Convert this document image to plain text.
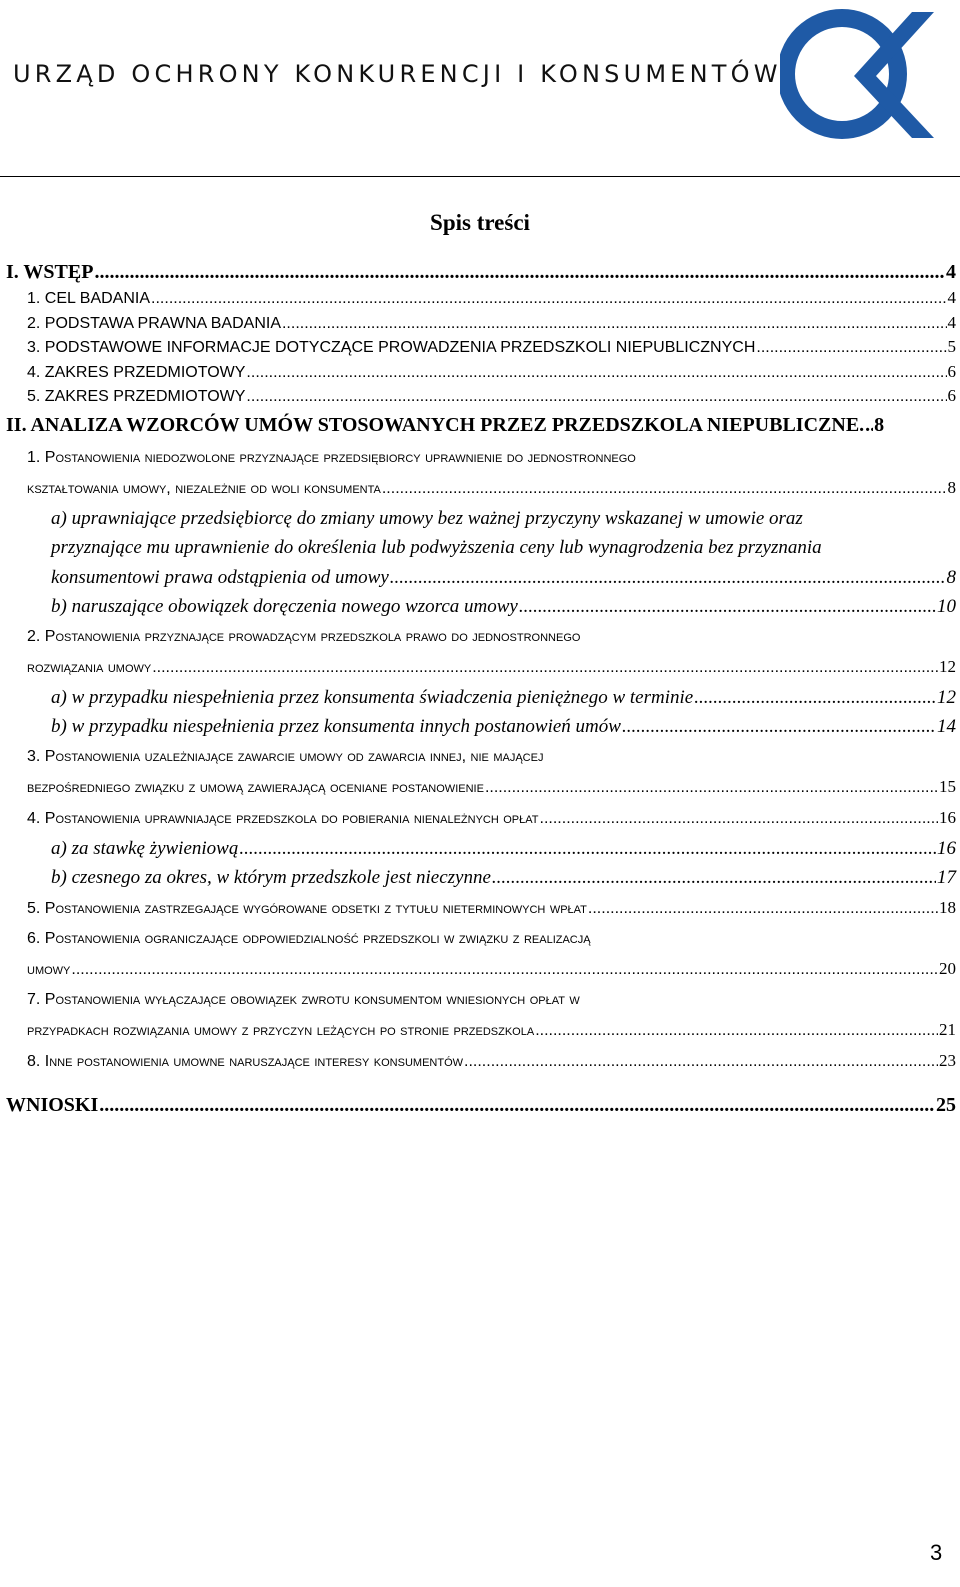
URZĄD OCHRONY KONKURENCJI I KONSUMENTÓW
Spis treści
I. WSTĘP .....	4
1. CEL BADANIA .....	4
2. PODSTAWA PRAWNA BADANIA .....	4
3. PODSTAWOWE INFORMACJE DOTYCZĄCE PROWADZENIA PRZEDSZKOLI NIEPUBLICZNYCH .....	5
4. ZAKRES PRZEDMIOTOWY .....	6
5. ZAKRES PRZEDMIOTOWY .....	6
II. ANALIZA WZORCÓW UMÓW STOSOWANYCH PRZEZ PRZEDSZKOLA NIEPUBLICZNE. ..... 8
1. Postanowienia niedozwolone przyznające przedsiębiorcy uprawnienie do jednostronnego
kształtowania umowy, niezależnie od woli konsumenta .....	8
a) uprawniające przedsiębiorcę do zmiany umowy bez ważnej przyczyny wskazanej w umowie oraz
przyznające mu uprawnienie do określenia lub podwyższenia ceny lub wynagrodzenia bez przyznania
konsumentowi prawa odstąpienia od umowy .....	8
b) naruszające obowiązek doręczenia nowego wzorca umowy .....	10
2. Postanowienia przyznające prowadzącym przedszkola prawo do jednostronnego
rozwiązania umowy .....	12
a) w przypadku niespełnienia przez konsumenta świadczenia pieniężnego w terminie .....	12
b) w przypadku niespełnienia przez konsumenta innych postanowień umów .....	14
3. Postanowienia uzależniające zawarcie umowy od zawarcia innej, nie mającej
bezpośredniego związku z umową zawierającą oceniane postanowienie .....	15
4. Postanowienia uprawniające przedszkola do pobierania nienależnych opłat .....	16
a) za stawkę żywieniową .....	16
b) czesnego za okres, w którym przedszkole jest nieczynne .....	17
5. Postanowienia zastrzegające wygórowane odsetki z tytułu nieterminowych wpłat .....	18
6. Postanowienia ograniczające odpowiedzialność przedszkoli w związku z realizacją
umowy .....	20
7. Postanowienia wyłączające obowiązek zwrotu konsumentom wniesionych opłat w
przypadkach rozwiązania umowy z przyczyn leżących po stronie przedszkola .....	21
8. Inne postanowienia umowne naruszające interesy konsumentów .....	23
WNIOSKI .....	25
3
